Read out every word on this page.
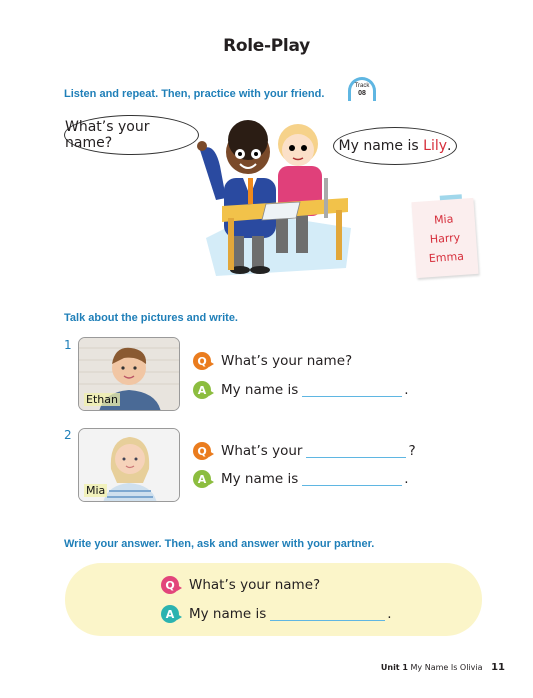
Role-Play
Listen and repeat. Then, practice with your friend.
Track
08
What’s your name?	My name is Lily .
Mia
Harry
Emma
Talk about the pictures and write.
1
Ethan
Q	What’s your name?
A	My name is	.
2
Mia
Q	What’s your	?
A	My name is	.
Write your answer. Then, ask and answer with your partner.
Q	What’s your name?
A	My name is	.
Unit 1 My Name Is Olivia 11
